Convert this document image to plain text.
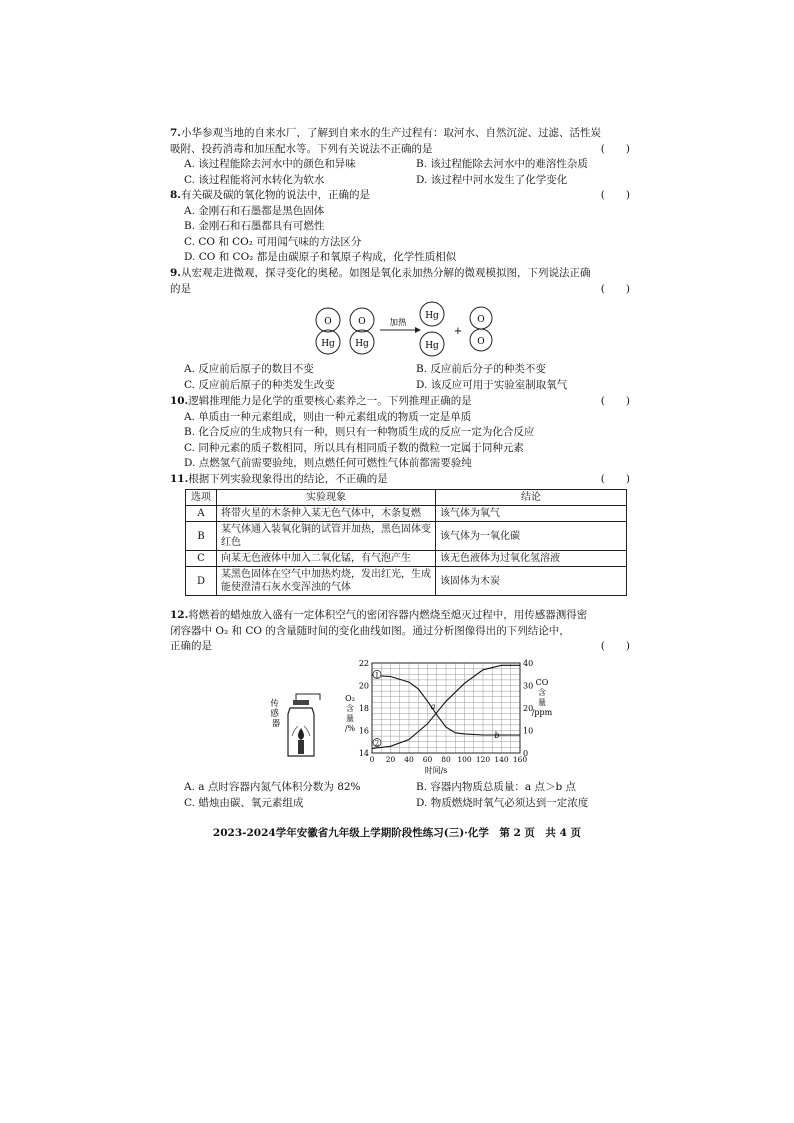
7.小华参观当地的自来水厂，了解到自来水的生产过程有：取河水、自然沉淀、过滤、活性炭
吸附、投药消毒和加压配水等。下列有关说法不正确的是	(　　)
A. 该过程能除去河水中的颜色和异味	B. 该过程能除去河水中的难溶性杂质
C. 该过程能将河水转化为软水	D. 该过程中河水发生了化学变化
8.有关碳及碳的氧化物的说法中，正确的是	(　　)
A. 金刚石和石墨都是黑色固体
B. 金刚石和石墨都具有可燃性
C. CO 和 CO₂ 可用闻气味的方法区分
D. CO 和 CO₂ 都是由碳原子和氧原子构成，化学性质相似
9.从宏观走进微观，探寻变化的奥秘。如图是氧化汞加热分解的微观模拟图，下列说法正确
的是	(　　)
O
Hg
O
Hg
加热
Hg
Hg
+
O
O
A. 反应前后原子的数目不变	B. 反应前后分子的种类不变
C. 反应前后原子的种类发生改变	D. 该反应可用于实验室制取氧气
10.逻辑推理能力是化学的重要核心素养之一。下列推理正确的是	(　　)
A. 单质由一种元素组成，则由一种元素组成的物质一定是单质
B. 化合反应的生成物只有一种，则只有一种物质生成的反应一定为化合反应
C. 同种元素的质子数相同，所以具有相同质子数的微粒一定属于同种元素
D. 点燃氢气前需要验纯，则点燃任何可燃性气体前都需要验纯
11.根据下列实验现象得出的结论，不正确的是	(　　)
选项	实验现象	结论
A	将带火星的木条伸入某无色气体中，木条复燃	该气体为氧气
B	某气体通入装氧化铜的试管并加热，黑色固体变红色	该气体为一氧化碳
C	向某无色液体中加入二氧化锰，有气泡产生	该无色液体为过氧化氢溶液
D	某黑色固体在空气中加热灼烧，发出红光，生成能使澄清石灰水变浑浊的气体	该固体为木炭
12.将燃着的蜡烛放入盛有一定体积空气的密闭容器内燃烧至熄灭过程中，用传感器测得密
闭容器中 O₂ 和 CO 的含量随时间的变化曲线如图。通过分析图像得出的下列结论中，
正确的是	(　　)
传 感 器
0 20 40 60 80 100 120 140 160
14
16
18
20
22
0
10
20
30
40
1
2
a
b
时间/s
O₂ 含量/%
CO 含量/ppm
A. a 点时容器内氮气体积分数为 82%	B. 容器内物质总质量：a 点＞b 点
C. 蜡烛由碳、氧元素组成	D. 物质燃烧时氧气必须达到一定浓度
2023-2024学年安徽省九年级上学期阶段性练习(三)·化学　第 2 页　共 4 页
